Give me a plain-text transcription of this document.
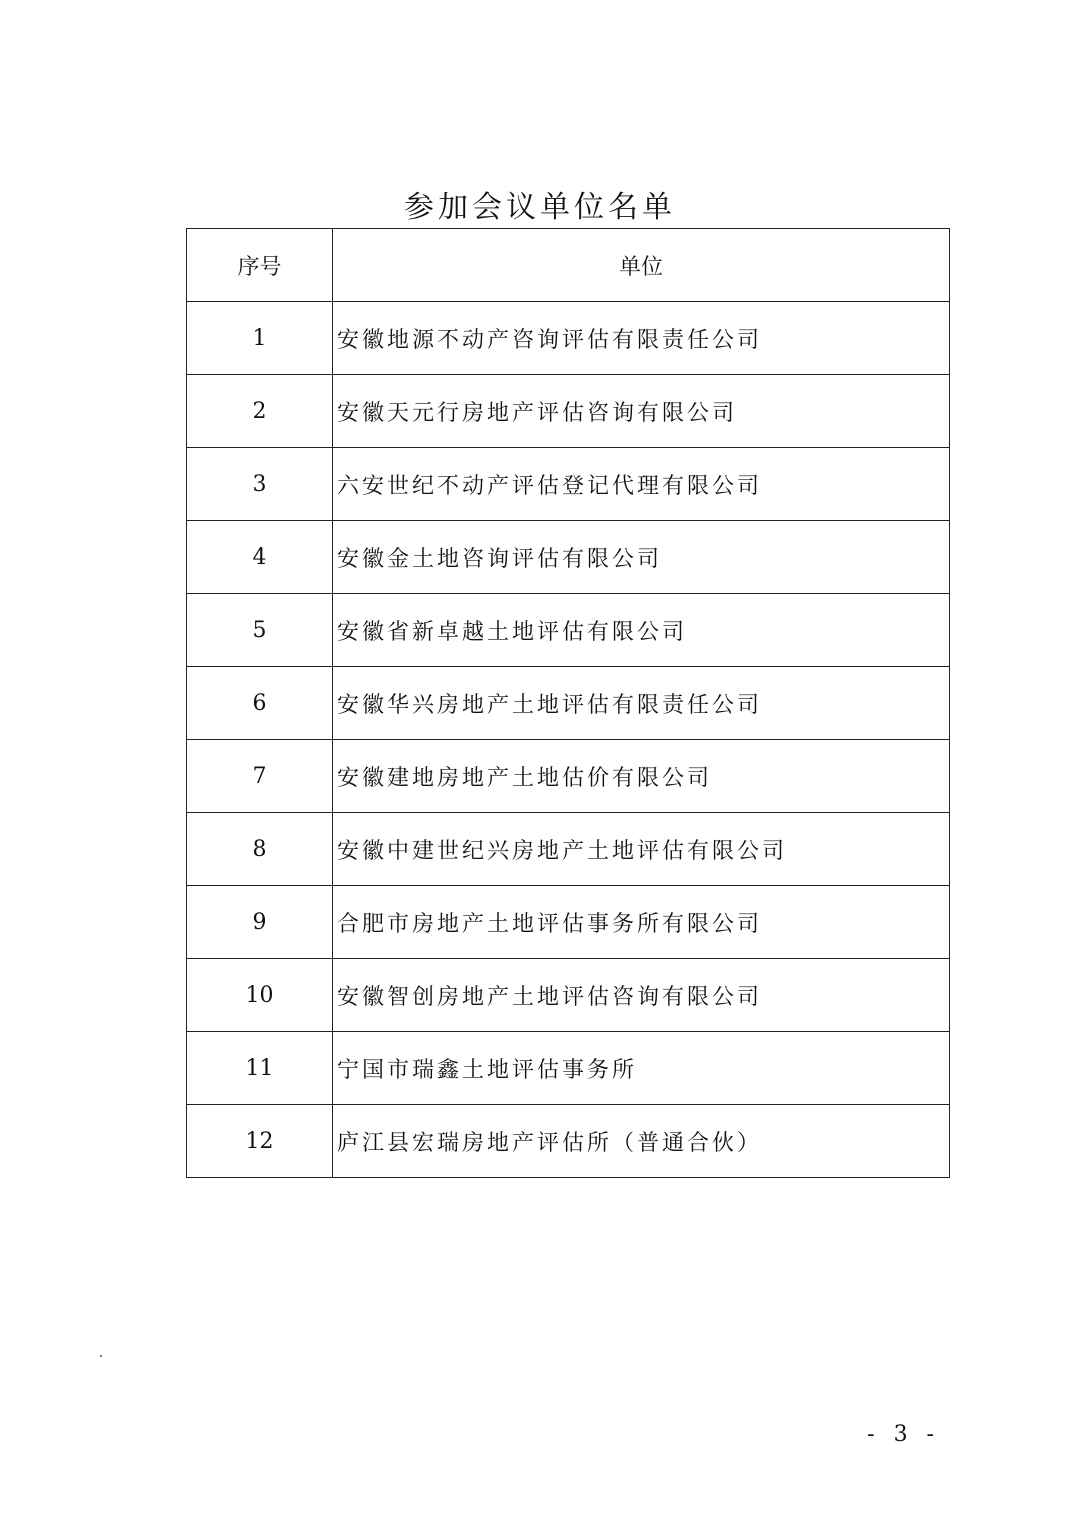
参加会议单位名单
序号	单位
1	安徽地源不动产咨询评估有限责任公司
2	安徽天元行房地产评估咨询有限公司
3	六安世纪不动产评估登记代理有限公司
4	安徽金土地咨询评估有限公司
5	安徽省新卓越土地评估有限公司
6	安徽华兴房地产土地评估有限责任公司
7	安徽建地房地产土地估价有限公司
8	安徽中建世纪兴房地产土地评估有限公司
9	合肥市房地产土地评估事务所有限公司
10	安徽智创房地产土地评估咨询有限公司
11	宁国市瑞鑫土地评估事务所
12	庐江县宏瑞房地产评估所（普通合伙）
- 3 -
